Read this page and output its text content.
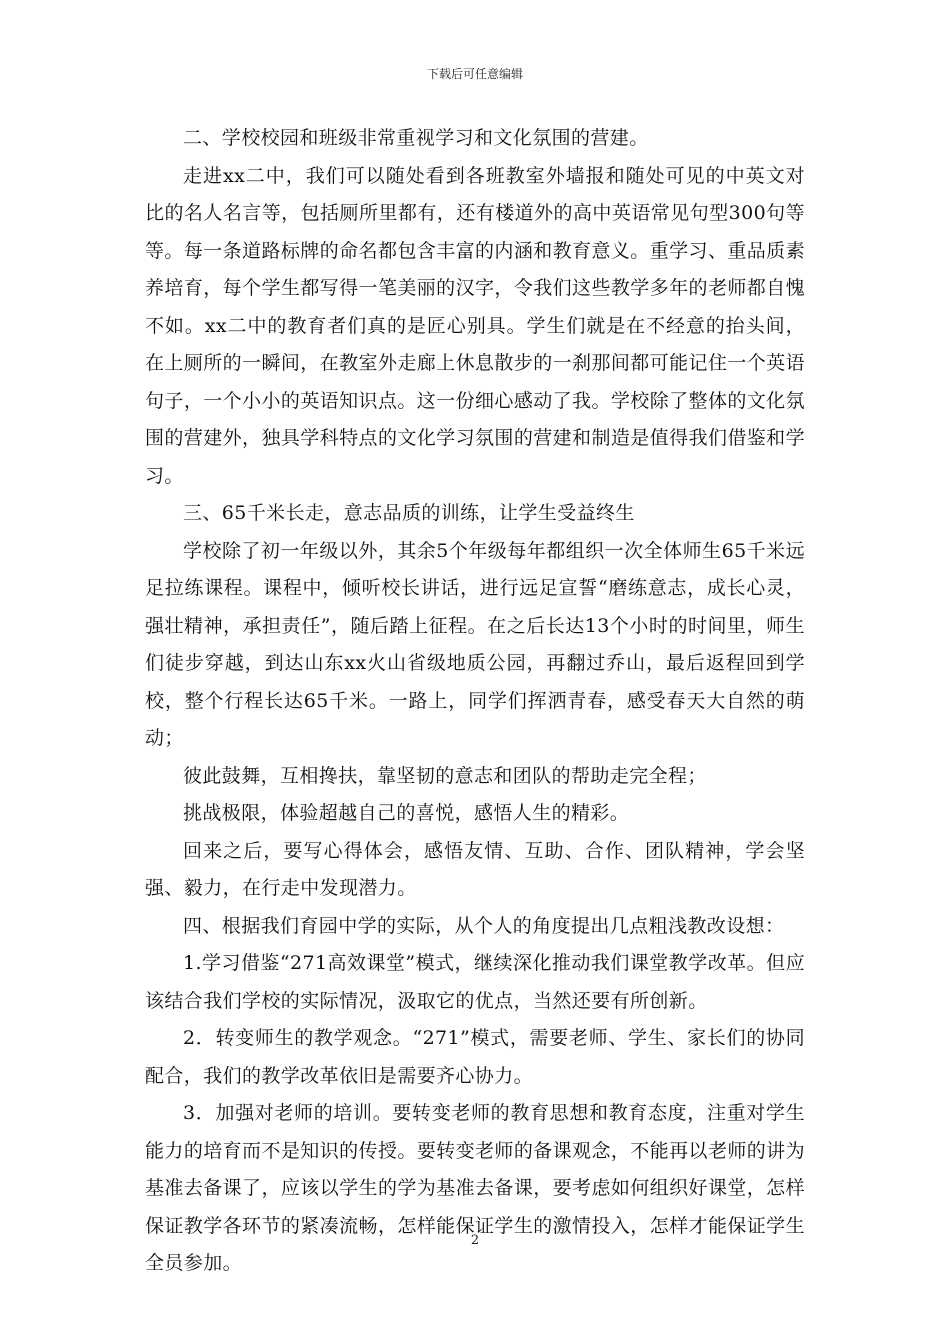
下载后可任意编辑

二、学校校园和班级非常重视学习和文化氛围的营建。

走进xx二中，我们可以随处看到各班教室外墙报和随处可见的中英文对比的名人名言等，包括厕所里都有，还有楼道外的高中英语常见句型300句等等。每一条道路标牌的命名都包含丰富的内涵和教育意义。重学习、重品质素养培育，每个学生都写得一笔美丽的汉字，令我们这些教学多年的老师都自愧不如。xx二中的教育者们真的是匠心别具。学生们就是在不经意的抬头间，在上厕所的一瞬间，在教室外走廊上休息散步的一刹那间都可能记住一个英语句子，一个小小的英语知识点。这一份细心感动了我。学校除了整体的文化氛围的营建外，独具学科特点的文化学习氛围的营建和制造是值得我们借鉴和学习。

三、65千米长走，意志品质的训练，让学生受益终生

学校除了初一年级以外，其余5个年级每年都组织一次全体师生65千米远足拉练课程。课程中，倾听校长讲话，进行远足宣誓“磨练意志，成长心灵，强壮精神，承担责任”，随后踏上征程。在之后长达13个小时的时间里，师生们徒步穿越，到达山东xx火山省级地质公园，再翻过乔山，最后返程回到学校，整个行程长达65千米。一路上，同学们挥洒青春，感受春天大自然的萌动；

彼此鼓舞，互相搀扶，靠坚韧的意志和团队的帮助走完全程；

挑战极限，体验超越自己的喜悦，感悟人生的精彩。

回来之后，要写心得体会，感悟友情、互助、合作、团队精神，学会坚强、毅力，在行走中发现潜力。

四、根据我们育园中学的实际，从个人的角度提出几点粗浅教改设想：

1.学习借鉴“271高效课堂”模式，继续深化推动我们课堂教学改革。但应该结合我们学校的实际情况，汲取它的优点，当然还要有所创新。

2．转变师生的教学观念。“271”模式，需要老师、学生、家长们的协同配合，我们的教学改革依旧是需要齐心协力。

3．加强对老师的培训。要转变老师的教育思想和教育态度，注重对学生能力的培育而不是知识的传授。要转变老师的备课观念，不能再以老师的讲为基准去备课了，应该以学生的学为基准去备课，要考虑如何组织好课堂，怎样保证教学各环节的紧凑流畅，怎样能保证学生的激情投入，怎样才能保证学生全员参加。

2
